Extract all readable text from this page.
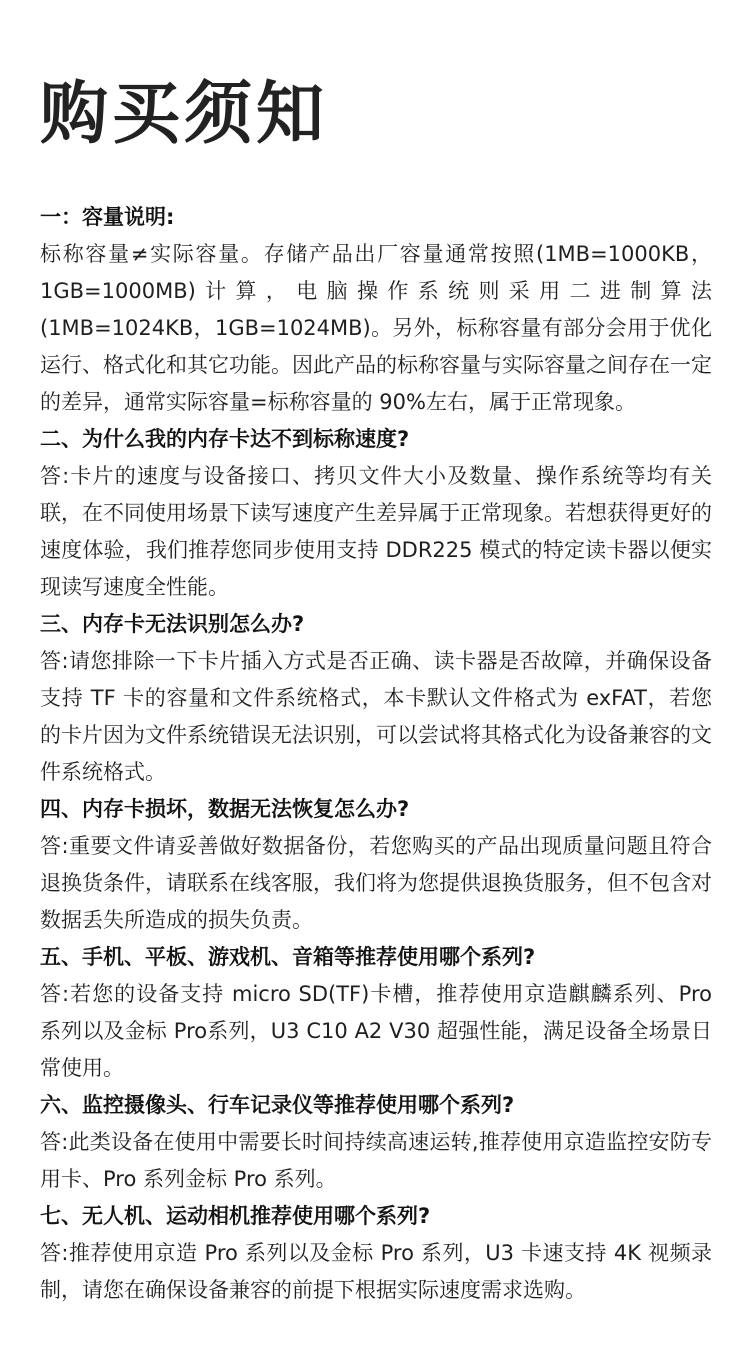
购买须知
一：容量说明:
标称容量≠实际容量。存储产品出厂容量通常按照(1MB=1000KB，1GB=1000MB)计算，电脑操作系统则采用二进制算法(1MB=1024KB，1GB=1024MB)。另外，标称容量有部分会用于优化运行、格式化和其它功能。因此产品的标称容量与实际容量之间存在一定的差异，通常实际容量=标称容量的 90%左右，属于正常现象。
二、为什么我的内存卡达不到标称速度?
答:卡片的速度与设备接口、拷贝文件大小及数量、操作系统等均有关联，在不同使用场景下读写速度产生差异属于正常现象。若想获得更好的速度体验，我们推荐您同步使用支持 DDR225 模式的特定读卡器以便实现读写速度全性能。
三、内存卡无法识别怎么办?
答:请您排除一下卡片插入方式是否正确、读卡器是否故障，并确保设备支持 TF 卡的容量和文件系统格式，本卡默认文件格式为 exFAT，若您的卡片因为文件系统错误无法识别，可以尝试将其格式化为设备兼容的文件系统格式。
四、内存卡损坏，数据无法恢复怎么办?
答:重要文件请妥善做好数据备份，若您购买的产品出现质量问题且符合退换货条件，请联系在线客服，我们将为您提供退换货服务，但不包含对数据丢失所造成的损失负责。
五、手机、平板、游戏机、音箱等推荐使用哪个系列?
答:若您的设备支持 micro SD(TF)卡槽，推荐使用京造麒麟系列、Pro 系列以及金标 Pro系列，U3 C10 A2 V30 超强性能，满足设备全场景日常使用。
六、监控摄像头、行车记录仪等推荐使用哪个系列?
答:此类设备在使用中需要长时间持续高速运转,推荐使用京造监控安防专用卡、Pro 系列金标 Pro 系列。
七、无人机、运动相机推荐使用哪个系列?
答:推荐使用京造 Pro 系列以及金标 Pro 系列，U3 卡速支持 4K 视频录制，请您在确保设备兼容的前提下根据实际速度需求选购。
